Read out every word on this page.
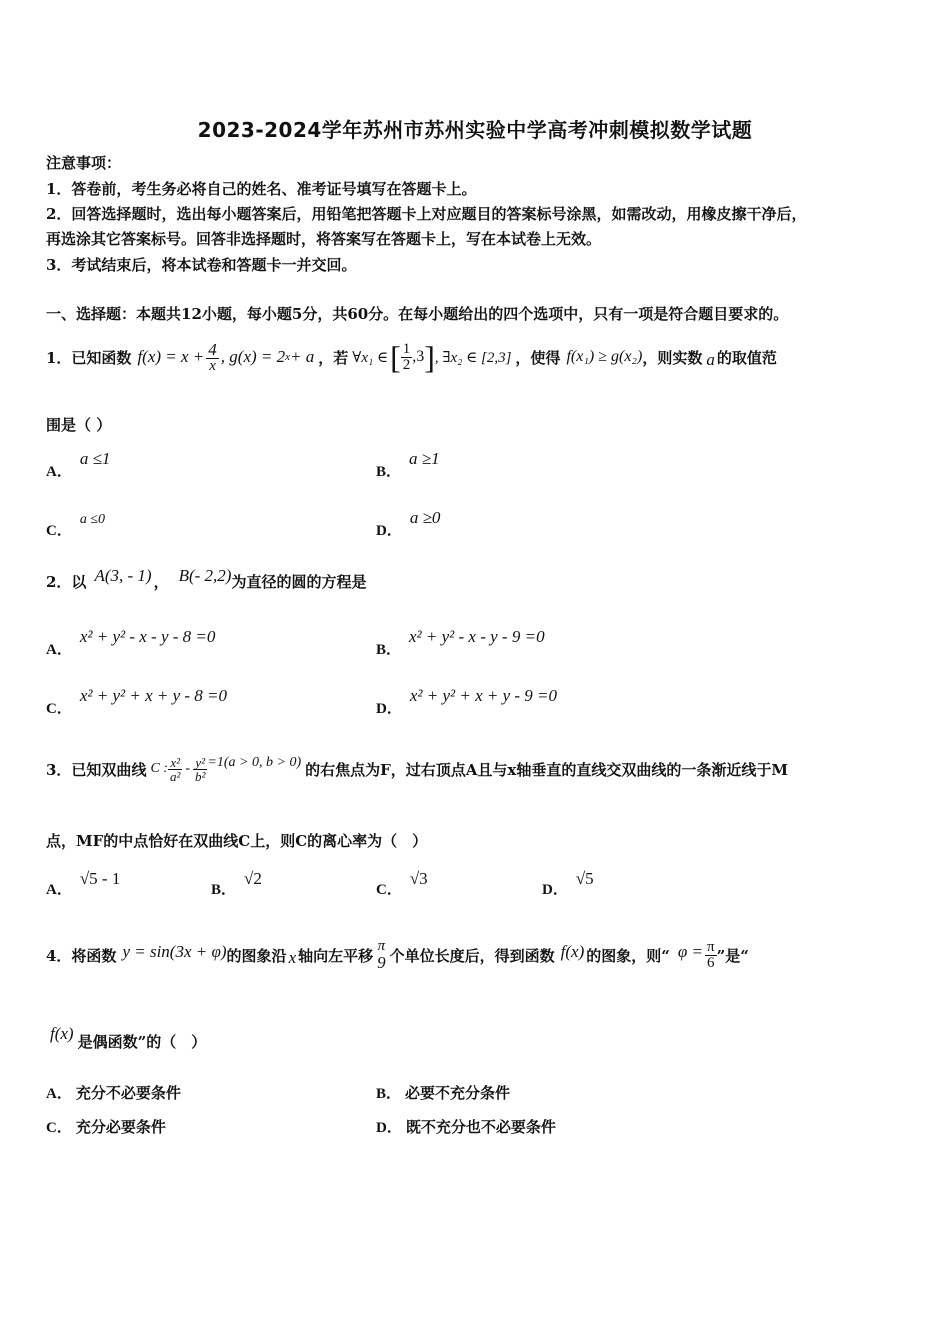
2023-2024学年苏州市苏州实验中学高考冲刺模拟数学试题
注意事项：
1．答卷前，考生务必将自己的姓名、准考证号填写在答题卡上。
2．回答选择题时，选出每小题答案后，用铅笔把答题卡上对应题目的答案标号涂黑，如需改动，用橡皮擦干净后，
再选涂其它答案标号。回答非选择题时，将答案写在答题卡上，写在本试卷上无效。
3．考试结束后，将本试卷和答题卡一并交回。
一、选择题：本题共12小题，每小题5分，共60分。在每小题给出的四个选项中，只有一项是符合题目要求的。
1．已知函数 $f(x) = x + \frac{4}{x}$ , g(x) = 2 x + a ，若 ∀x₁ ∈ [ $\frac{1}{2} ,3$ ] , ∃x₂ ∈ [2,3] ，使得 f(x₁) ≥ g(x₂) ，则实数 a 的取值范
围是（ ）
A．a ≤1
B．a ≥1
C．a ≤0
D．a ≥0
2．以 A(3, - 1) ， B(- 2,2) 为直径的圆的方程是
A．x² + y² - x - y - 8 =0
B．x² + y² - x - y - 9 =0
C．x² + y² + x + y - 8 =0
D．x² + y² + x + y - 9 =0
3．已知双曲线 C : $\frac{\text{x²}}{\text{a²}} - \frac{\text{y²}}{\text{b²}} =1(a > 0$, b > 0) 的右焦点为F，过右顶点A且与x轴垂直的直线交双曲线的一条渐近线于M
点，MF的中点恰好在双曲线C上，则C的离心率为（　）
A．√5 - 1
B．√2
C．√3
D．√5
4．将函数 y = sin(3x + φ) 的图象沿 x 轴向左平移
π
9 个单位长度后，得到函数 f(x) 的图象，则“ $\varphi = \frac{\pi}{6}$ ”是“
f(x) 是偶函数”的（　）
A． 充分不必要条件	B． 必要不充分条件
C． 充分必要条件	D． 既不充分也不必要条件
